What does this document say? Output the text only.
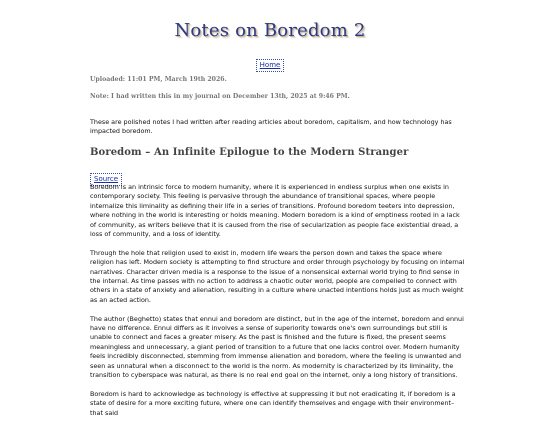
Notes on Boredom 2
Home
Uploaded: 11:01 PM, March 19th 2026.
Note: I had written this in my journal on December 13th, 2025 at 9:46 PM.
These are polished notes I had written after reading articles about boredom, capitalism, and how technology has impacted boredom.
Boredom – An Infinite Epilogue to the Modern Stranger
Source

Boredom is an intrinsic force to modern humanity, where it is experienced in endless surplus when one exists in contemporary society. This feeling is pervasive through the abundance of transitional spaces, where people internalize this liminality as defining their life in a series of transitions. Profound boredom teeters into depression, where nothing in the world is interesting or holds meaning. Modern boredom is a kind of emptiness rooted in a lack of community, as writers believe that it is caused from the rise of secularization as people face existential dread, a loss of community, and a loss of identity.

Through the hole that religion used to exist in, modern life wears the person down and takes the space where religion has left. Modern society is attempting to find structure and order through psychology by focusing on internal narratives. Character driven media is a response to the issue of a nonsensical external world trying to find sense in the internal. As time passes with no action to address a chaotic outer world, people are compelled to connect with others in a state of anxiety and alienation, resulting in a culture where unacted intentions holds just as much weight as an acted action.

The author (Beghetto) states that ennui and boredom are distinct, but in the age of the internet, boredom and ennui have no difference. Ennui differs as it involves a sense of superiority towards one's own surroundings but still is unable to connect and faces a greater misery. As the past is finished and the future is fixed, the present seems meaningless and unnecessary, a giant period of transition to a future that one lacks control over. Modern humanity feels incredibly disconnected, stemming from immense alienation and boredom, where the feeling is unwanted and seen as unnatural when a disconnect to the world is the norm. As modernity is characterized by its liminality, the transition to cyberspace was natural, as there is no real end goal on the internet, only a long history of transitions.

Boredom is hard to acknowledge as technology is effective at suppressing it but not eradicating it, if boredom is a state of desire for a more exciting future, where one can identify themselves and engage with their environment– that said
